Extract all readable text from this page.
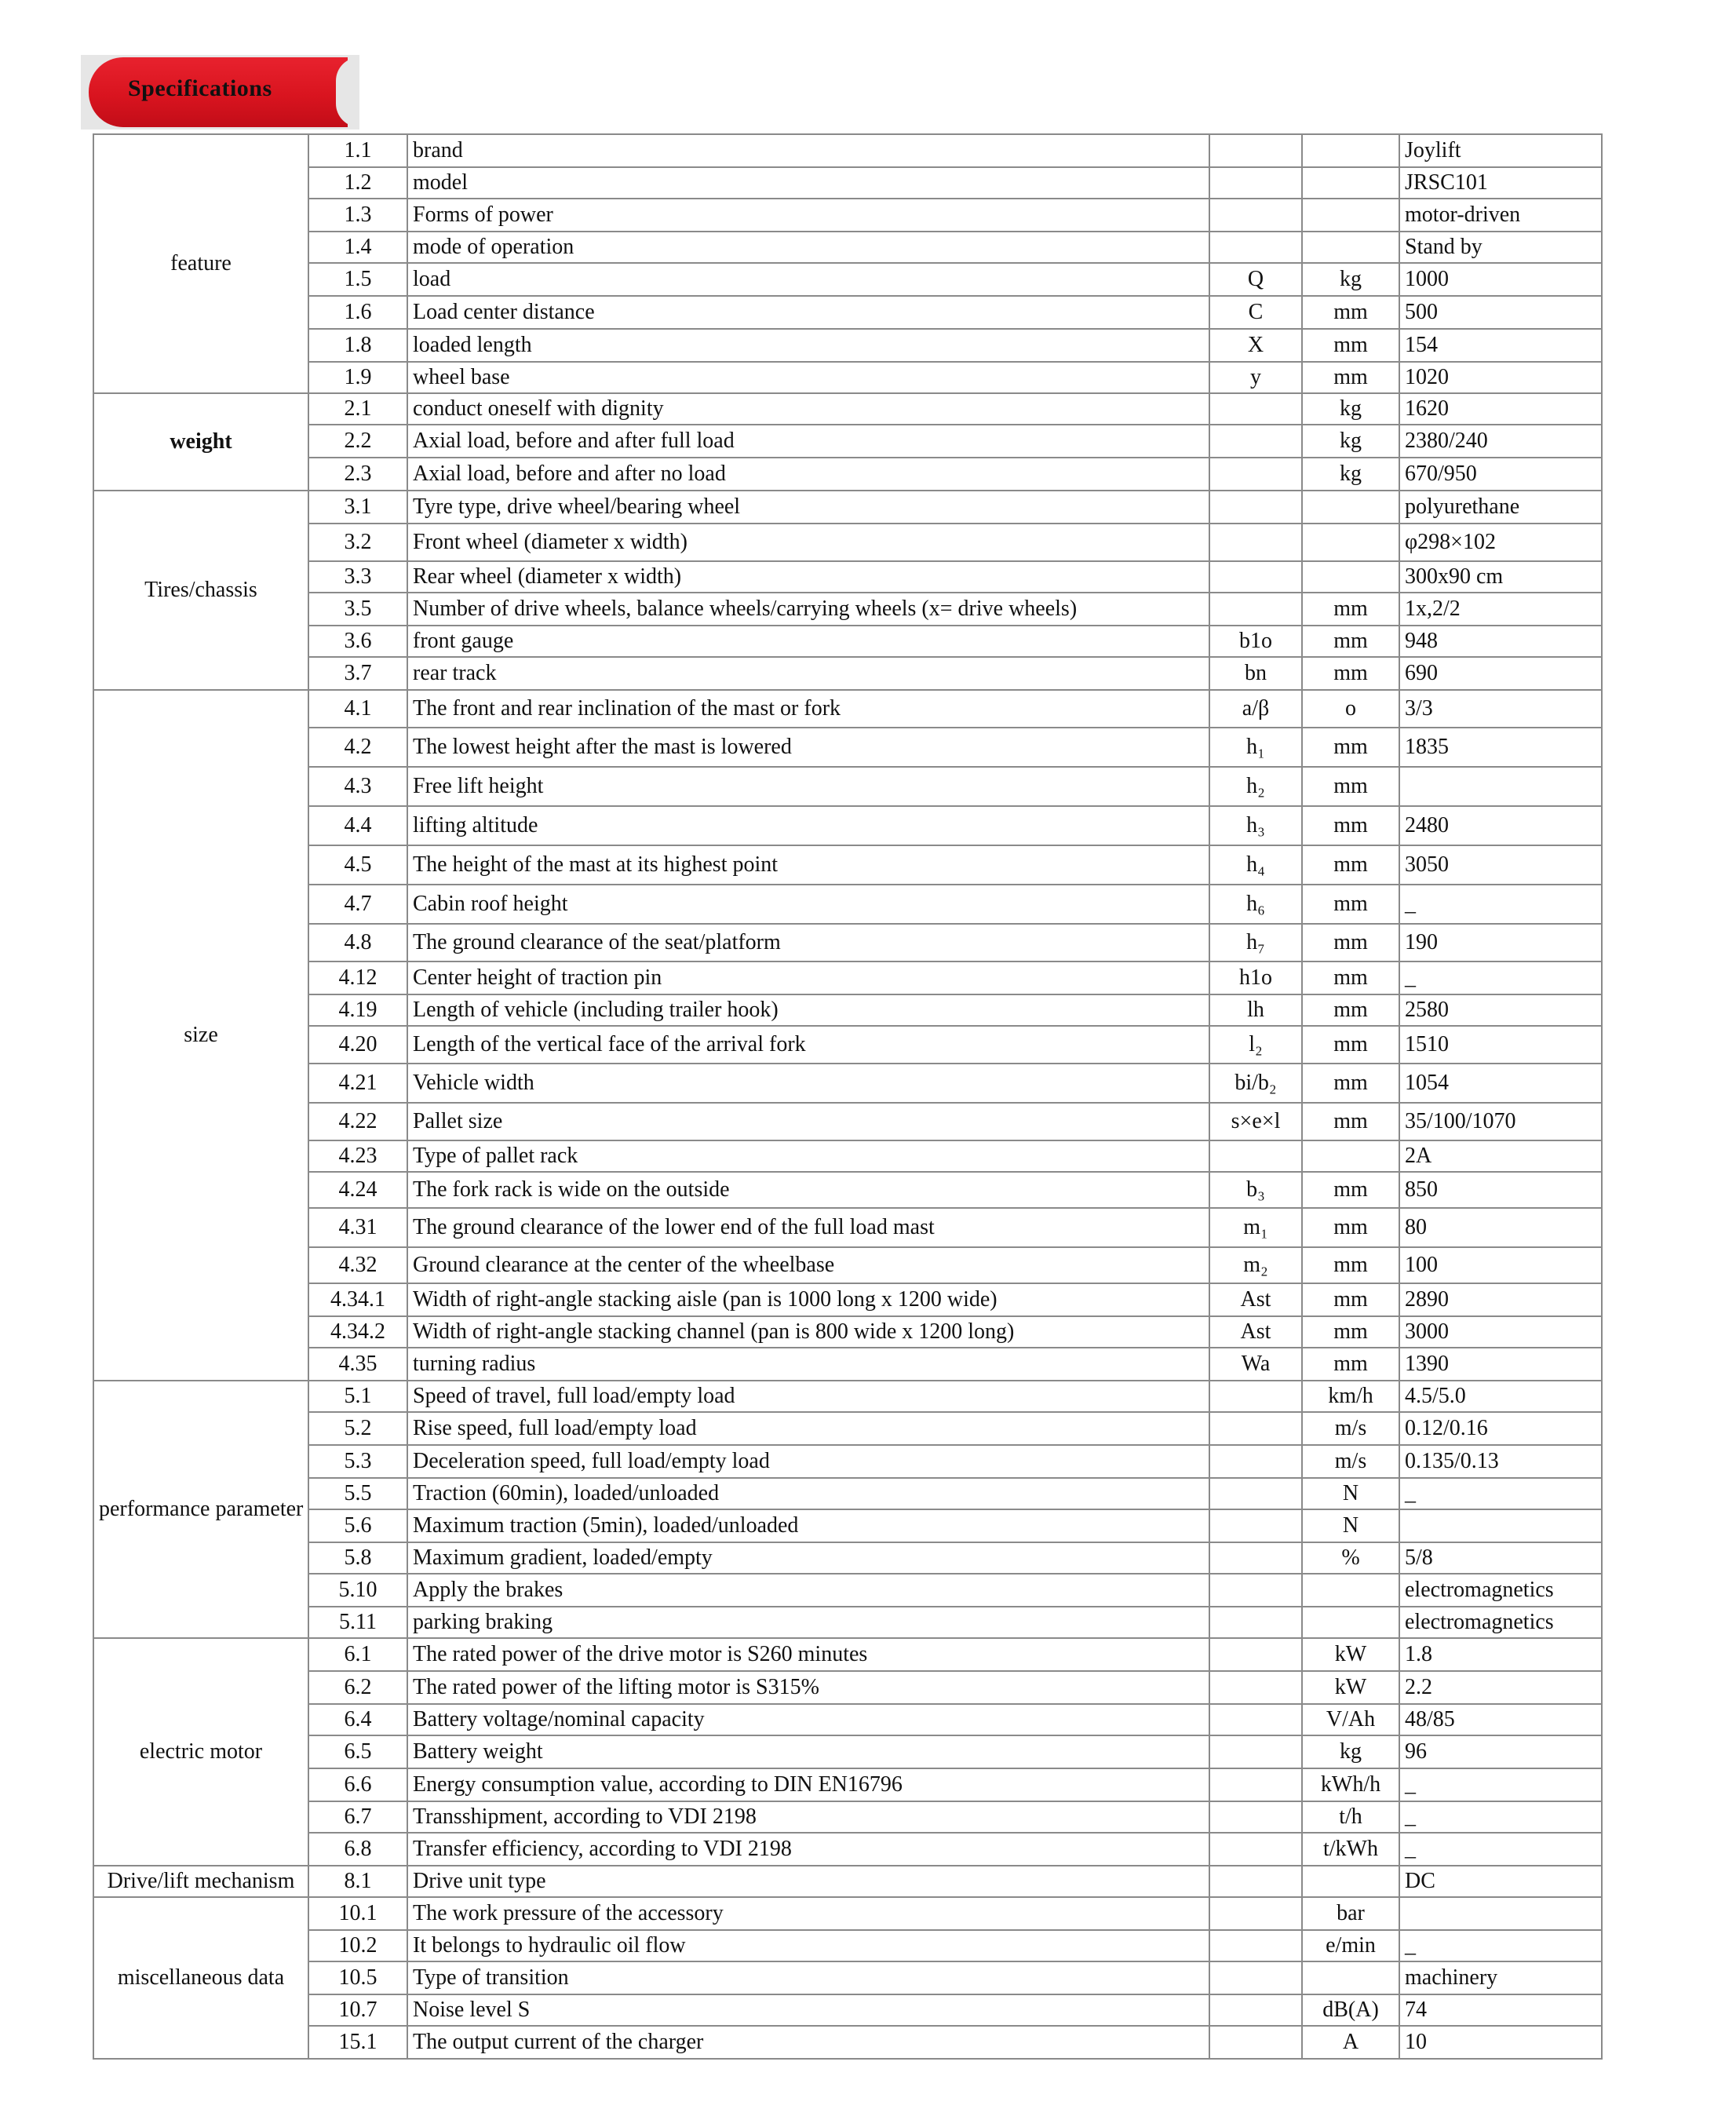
Specifications
feature	1.1	brand			Joylift
	1.2	model			JRSC101
	1.3	Forms of power			motor-driven
	1.4	mode of operation			Stand by
	1.5	load	Q	kg	1000
	1.6	Load center distance	C	mm	500
	1.8	loaded length	X	mm	154
	1.9	wheel base	y	mm	1020
weight	2.1	conduct oneself with dignity		kg	1620
	2.2	Axial load, before and after full load		kg	2380/240
	2.3	Axial load, before and after no load		kg	670/950
Tires/chassis	3.1	Tyre type, drive wheel/bearing wheel			polyurethane
	3.2	Front wheel (diameter x width)			φ298×102
	3.3	Rear wheel (diameter x width)			300x90 cm
	3.5	Number of drive wheels, balance wheels/carrying wheels (x= drive wheels)		mm	1x,2/2
	3.6	front gauge	b1o	mm	948
	3.7	rear track	bn	mm	690
size	4.1	The front and rear inclination of the mast or fork	a/β	o	3/3
	4.2	The lowest height after the mast is lowered	h₁	mm	1835
	4.3	Free lift height	h₂	mm	
	4.4	lifting altitude	h₃	mm	2480
	4.5	The height of the mast at its highest point	h₄	mm	3050
	4.7	Cabin roof height	h₆	mm	_
	4.8	The ground clearance of the seat/platform	h₇	mm	190
	4.12	Center height of traction pin	h1o	mm	_
	4.19	Length of vehicle (including trailer hook)	lh	mm	2580
	4.20	Length of the vertical face of the arrival fork	l₂	mm	1510
	4.21	Vehicle width	bi/b₂	mm	1054
	4.22	Pallet size	s×e×l	mm	35/100/1070
	4.23	Type of pallet rack			2A
	4.24	The fork rack is wide on the outside	b₃	mm	850
	4.31	The ground clearance of the lower end of the full load mast	m₁	mm	80
	4.32	Ground clearance at the center of the wheelbase	m₂	mm	100
	4.34.1	Width of right-angle stacking aisle (pan is 1000 long x 1200 wide)	Ast	mm	2890
	4.34.2	Width of right-angle stacking channel (pan is 800 wide x 1200 long)	Ast	mm	3000
	4.35	turning radius	Wa	mm	1390
performance parameter	5.1	Speed of travel, full load/empty load		km/h	4.5/5.0
	5.2	Rise speed, full load/empty load		m/s	0.12/0.16
	5.3	Deceleration speed, full load/empty load		m/s	0.135/0.13
	5.5	Traction (60min), loaded/unloaded		N	_
	5.6	Maximum traction (5min), loaded/unloaded		N	
	5.8	Maximum gradient, loaded/empty		%	5/8
	5.10	Apply the brakes			electromagnetics
	5.11	parking braking			electromagnetics
electric motor	6.1	The rated power of the drive motor is S260 minutes		kW	1.8
	6.2	The rated power of the lifting motor is S315%		kW	2.2
	6.4	Battery voltage/nominal capacity		V/Ah	48/85
	6.5	Battery weight		kg	96
	6.6	Energy consumption value, according to DIN EN16796		kWh/h	_
	6.7	Transshipment, according to VDI 2198		t/h	_
	6.8	Transfer efficiency, according to VDI 2198		t/kWh	_
Drive/lift mechanism	8.1	Drive unit type			DC
miscellaneous data	10.1	The work pressure of the accessory		bar	
	10.2	It belongs to hydraulic oil flow		e/min	_
	10.5	Type of transition			machinery
	10.7	Noise level S		dB(A)	74
	15.1	The output current of the charger		A	10
